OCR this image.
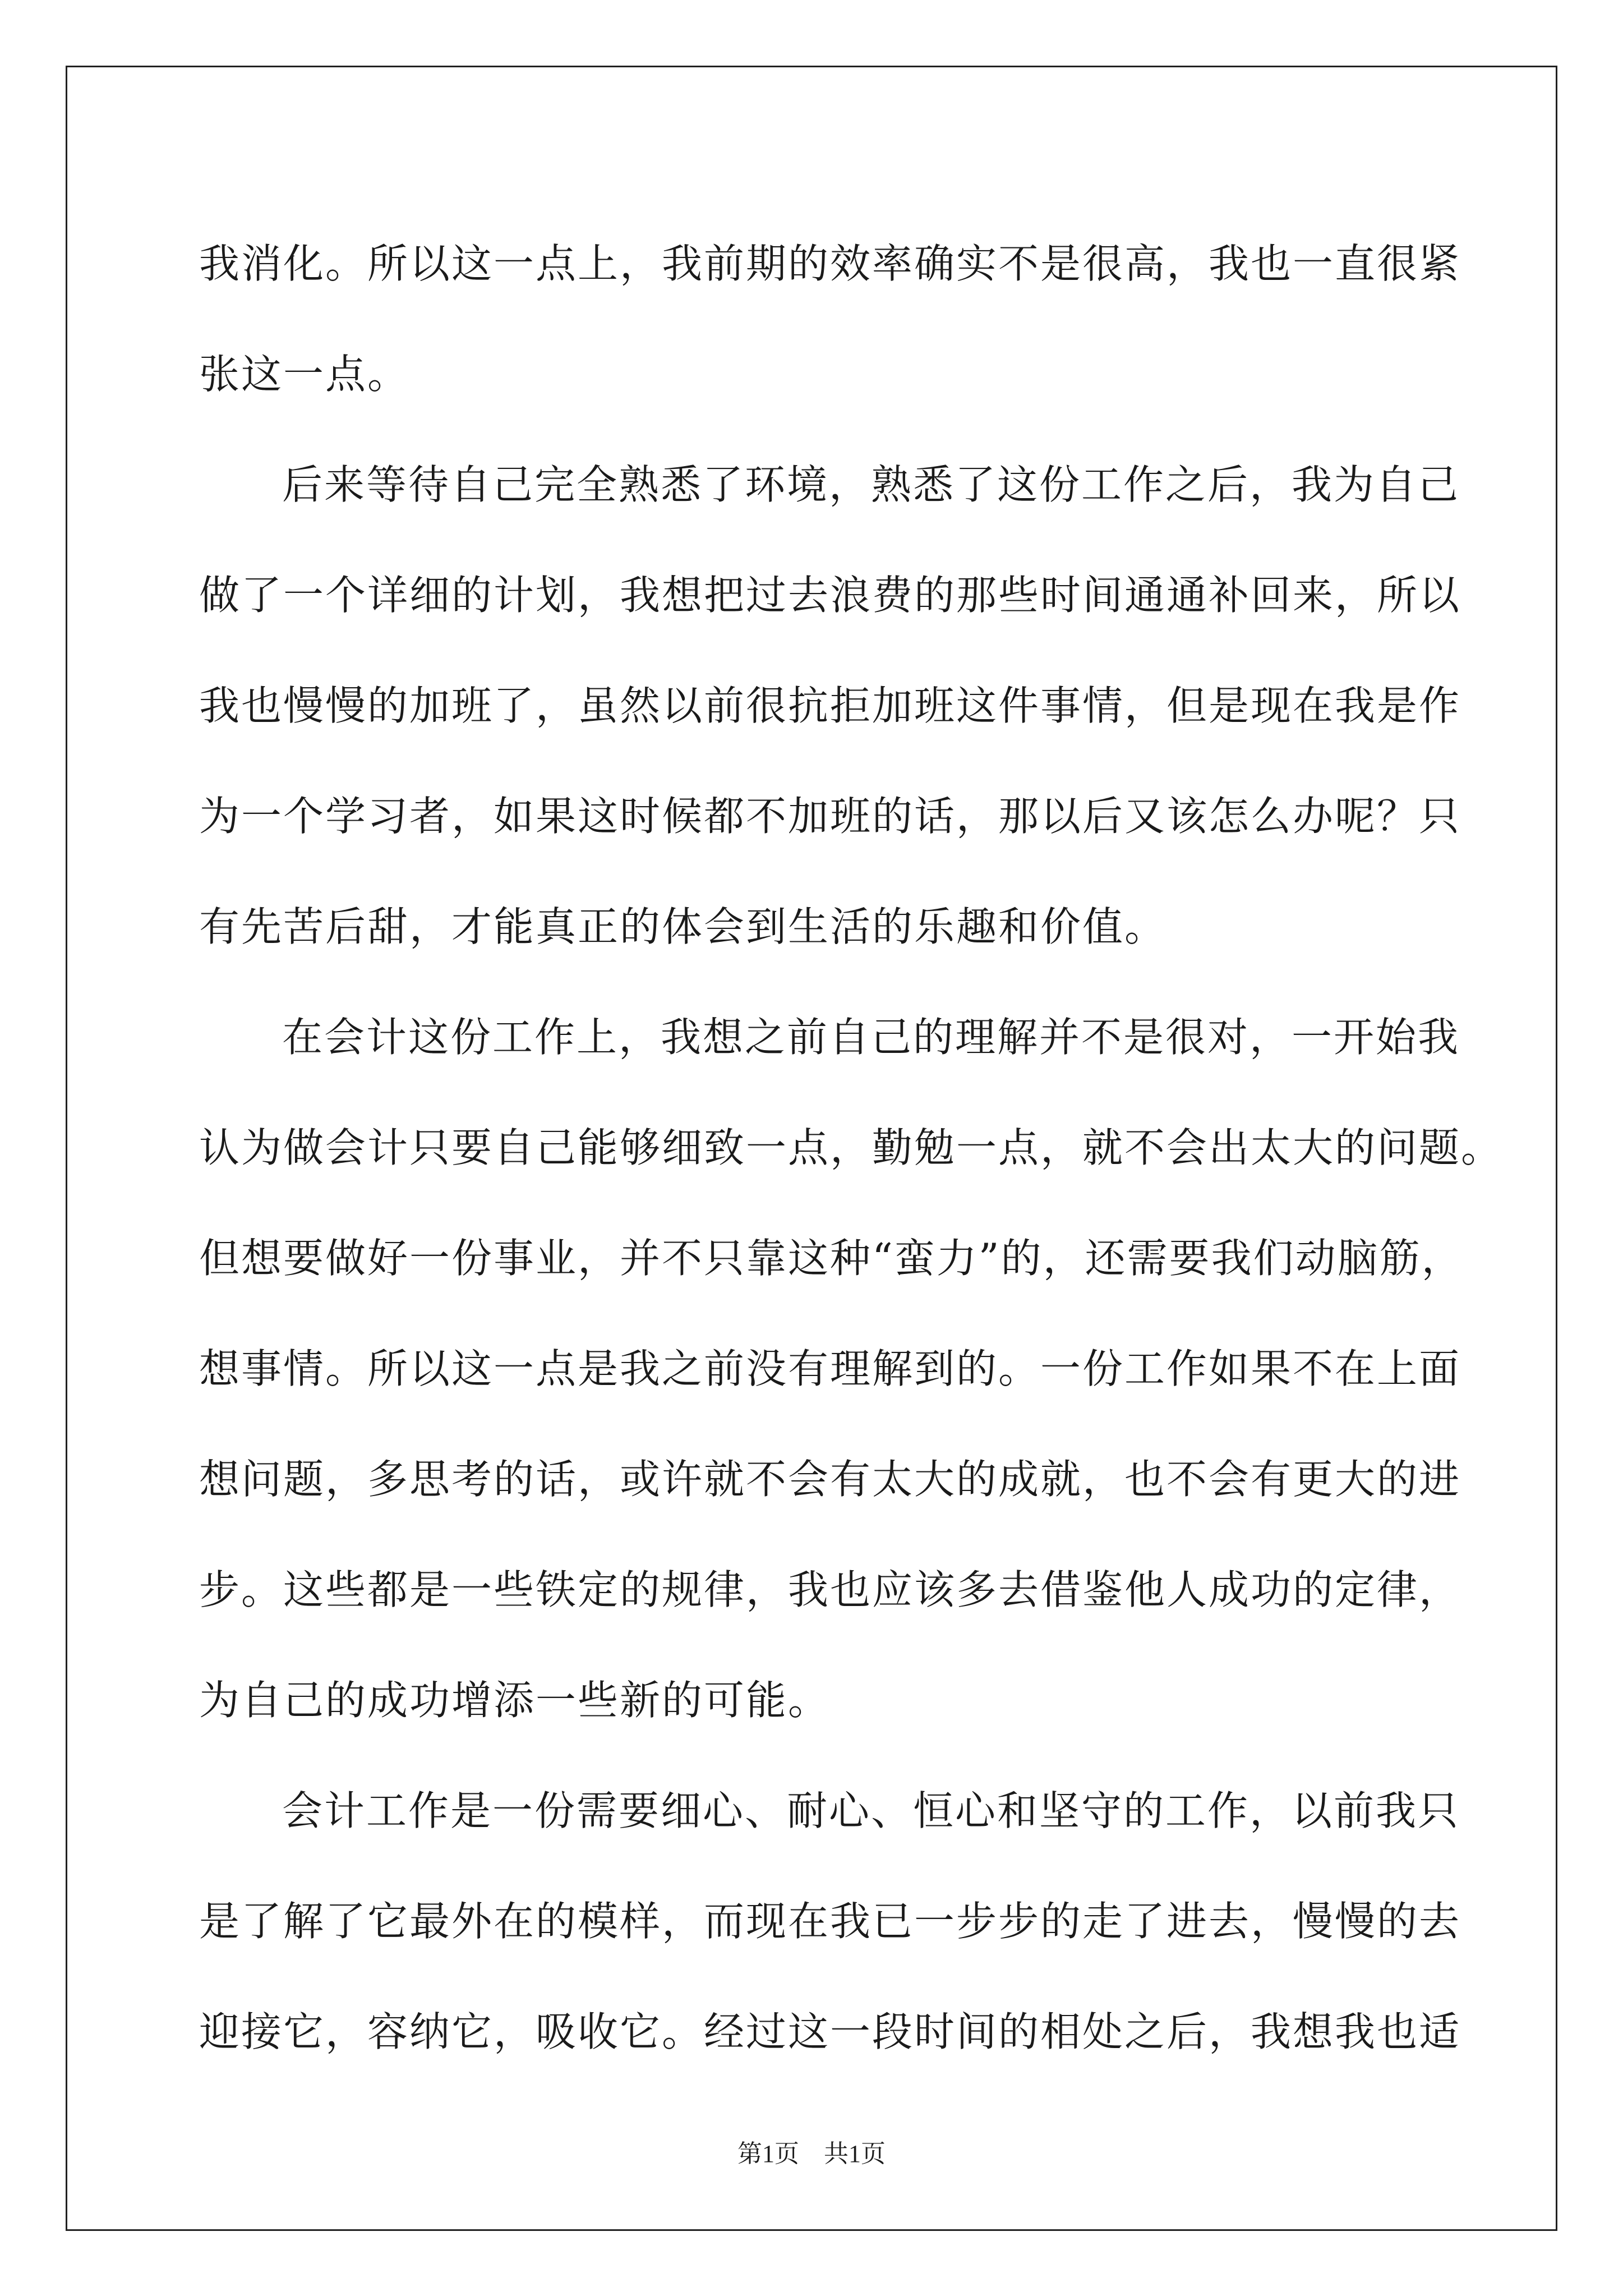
我消化。所以这一点上，我前期的效率确实不是很高，我也一直很紧
张这一点。
后来等待自己完全熟悉了环境，熟悉了这份工作之后，我为自己
做了一个详细的计划，我想把过去浪费的那些时间通通补回来，所以
我也慢慢的加班了，虽然以前很抗拒加班这件事情，但是现在我是作
为一个学习者，如果这时候都不加班的话，那以后又该怎么办呢？只
有先苦后甜，才能真正的体会到生活的乐趣和价值。
在会计这份工作上，我想之前自己的理解并不是很对，一开始我
认为做会计只要自己能够细致一点，勤勉一点，就不会出太大的问题。
但想要做好一份事业，并不只靠这种“蛮力”的，还需要我们动脑筋，
想事情。所以这一点是我之前没有理解到的。一份工作如果不在上面
想问题，多思考的话，或许就不会有太大的成就，也不会有更大的进
步。这些都是一些铁定的规律，我也应该多去借鉴他人成功的定律，
为自己的成功增添一些新的可能。
会计工作是一份需要细心、耐心、恒心和坚守的工作，以前我只
是了解了它最外在的模样，而现在我已一步步的走了进去，慢慢的去
迎接它，容纳它，吸收它。经过这一段时间的相处之后，我想我也适
第1页　共1页
